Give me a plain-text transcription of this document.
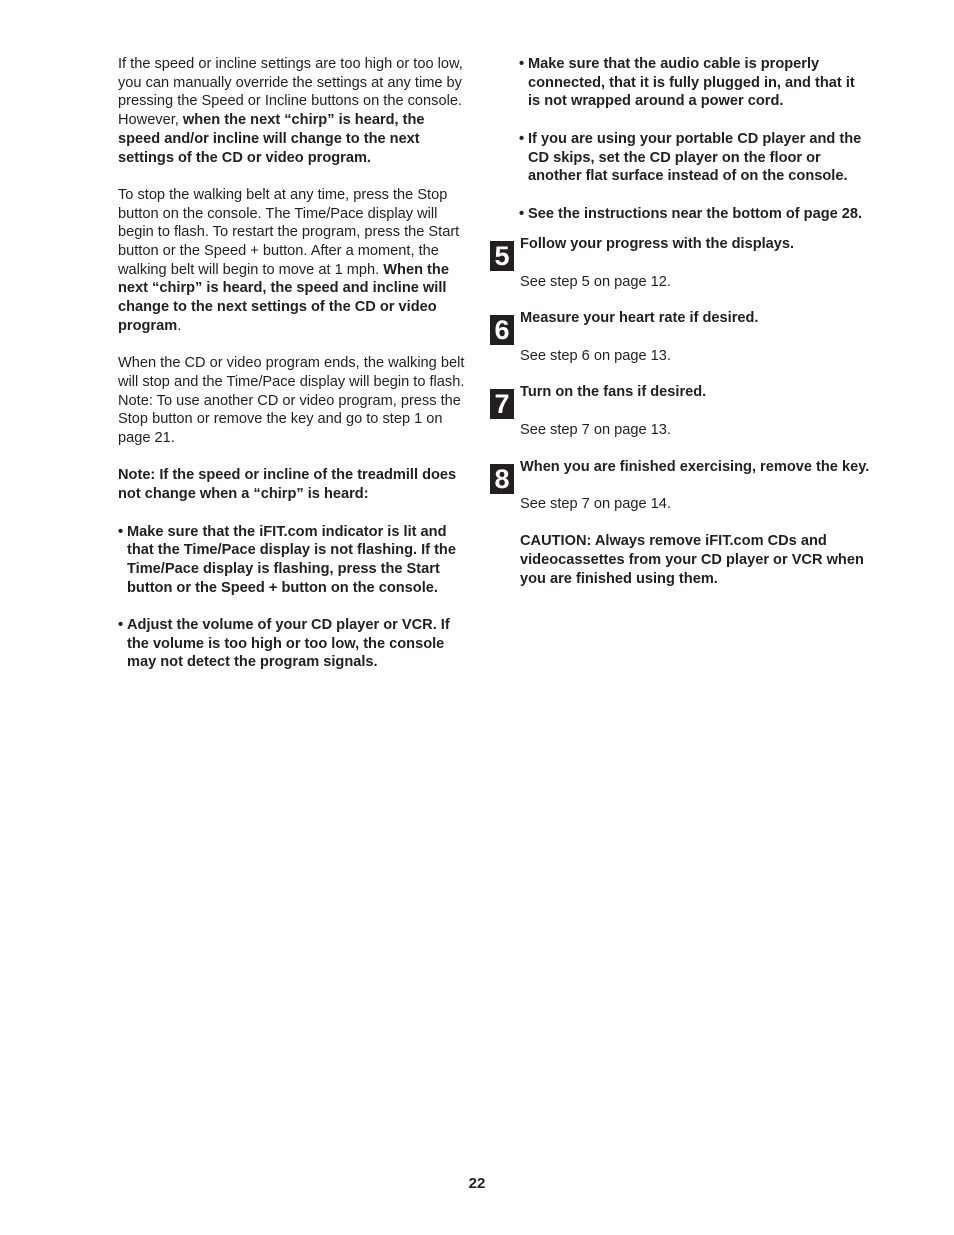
If the speed or incline settings are too high or too low, you can manually override the settings at any time by pressing the Speed or Incline buttons on the console. However, when the next “chirp” is heard, the speed and/or incline will change to the next settings of the CD or video program.

To stop the walking belt at any time, press the Stop button on the console. The Time/Pace display will begin to flash. To restart the program, press the Start button or the Speed + button. After a moment, the walking belt will begin to move at 1 mph. When the next “chirp” is heard, the speed and incline will change to the next settings of the CD or video program.

When the CD or video program ends, the walking belt will stop and the Time/Pace display will begin to flash. Note: To use another CD or video program, press the Stop button or remove the key and go to step 1 on page 21.

Note: If the speed or incline of the treadmill does not change when a “chirp” is heard:

• Make sure that the iFIT.com indicator is lit and that the Time/Pace display is not flashing. If the Time/Pace display is flashing, press the Start button or the Speed + button on the console.
• Adjust the volume of your CD player or VCR. If the volume is too high or too low, the console may not detect the program signals.
• Make sure that the audio cable is properly connected, that it is fully plugged in, and that it is not wrapped around a power cord.
• If you are using your portable CD player and the CD skips, set the CD player on the floor or another flat surface instead of on the console.
• See the instructions near the bottom of page 28.
5 Follow your progress with the displays.

See step 5 on page 12.

6 Measure your heart rate if desired.

See step 6 on page 13.

7 Turn on the fans if desired.

See step 7 on page 13.

8 When you are finished exercising, remove the key.

See step 7 on page 14.

CAUTION: Always remove iFIT.com CDs and videocassettes from your CD player or VCR when you are finished using them.

22
